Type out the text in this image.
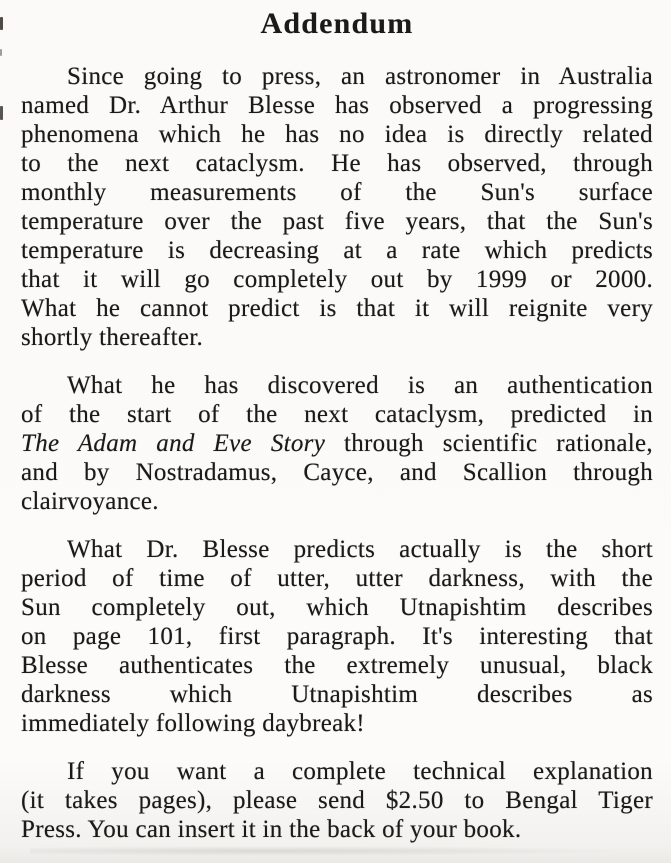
Addendum
Since going to press, an astronomer in Australia
named Dr. Arthur Blesse has observed a progressing
phenomena which he has no idea is directly related
to the next cataclysm. He has observed, through
monthly measurements of the Sun's surface
temperature over the past five years, that the Sun's
temperature is decreasing at a rate which predicts
that it will go completely out by 1999 or 2000.
What he cannot predict is that it will reignite very
shortly thereafter.
What he has discovered is an authentication
of the start of the next cataclysm, predicted in
The Adam and Eve Story through scientific rationale,
and by Nostradamus, Cayce, and Scallion through
clairvoyance.
What Dr. Blesse predicts actually is the short
period of time of utter, utter darkness, with the
Sun completely out, which Utnapishtim describes
on page 101, first paragraph. It's interesting that
Blesse authenticates the extremely unusual, black
darkness which Utnapishtim describes as
immediately following daybreak!
If you want a complete technical explanation
(it takes pages), please send $2.50 to Bengal Tiger
Press. You can insert it in the back of your book.
